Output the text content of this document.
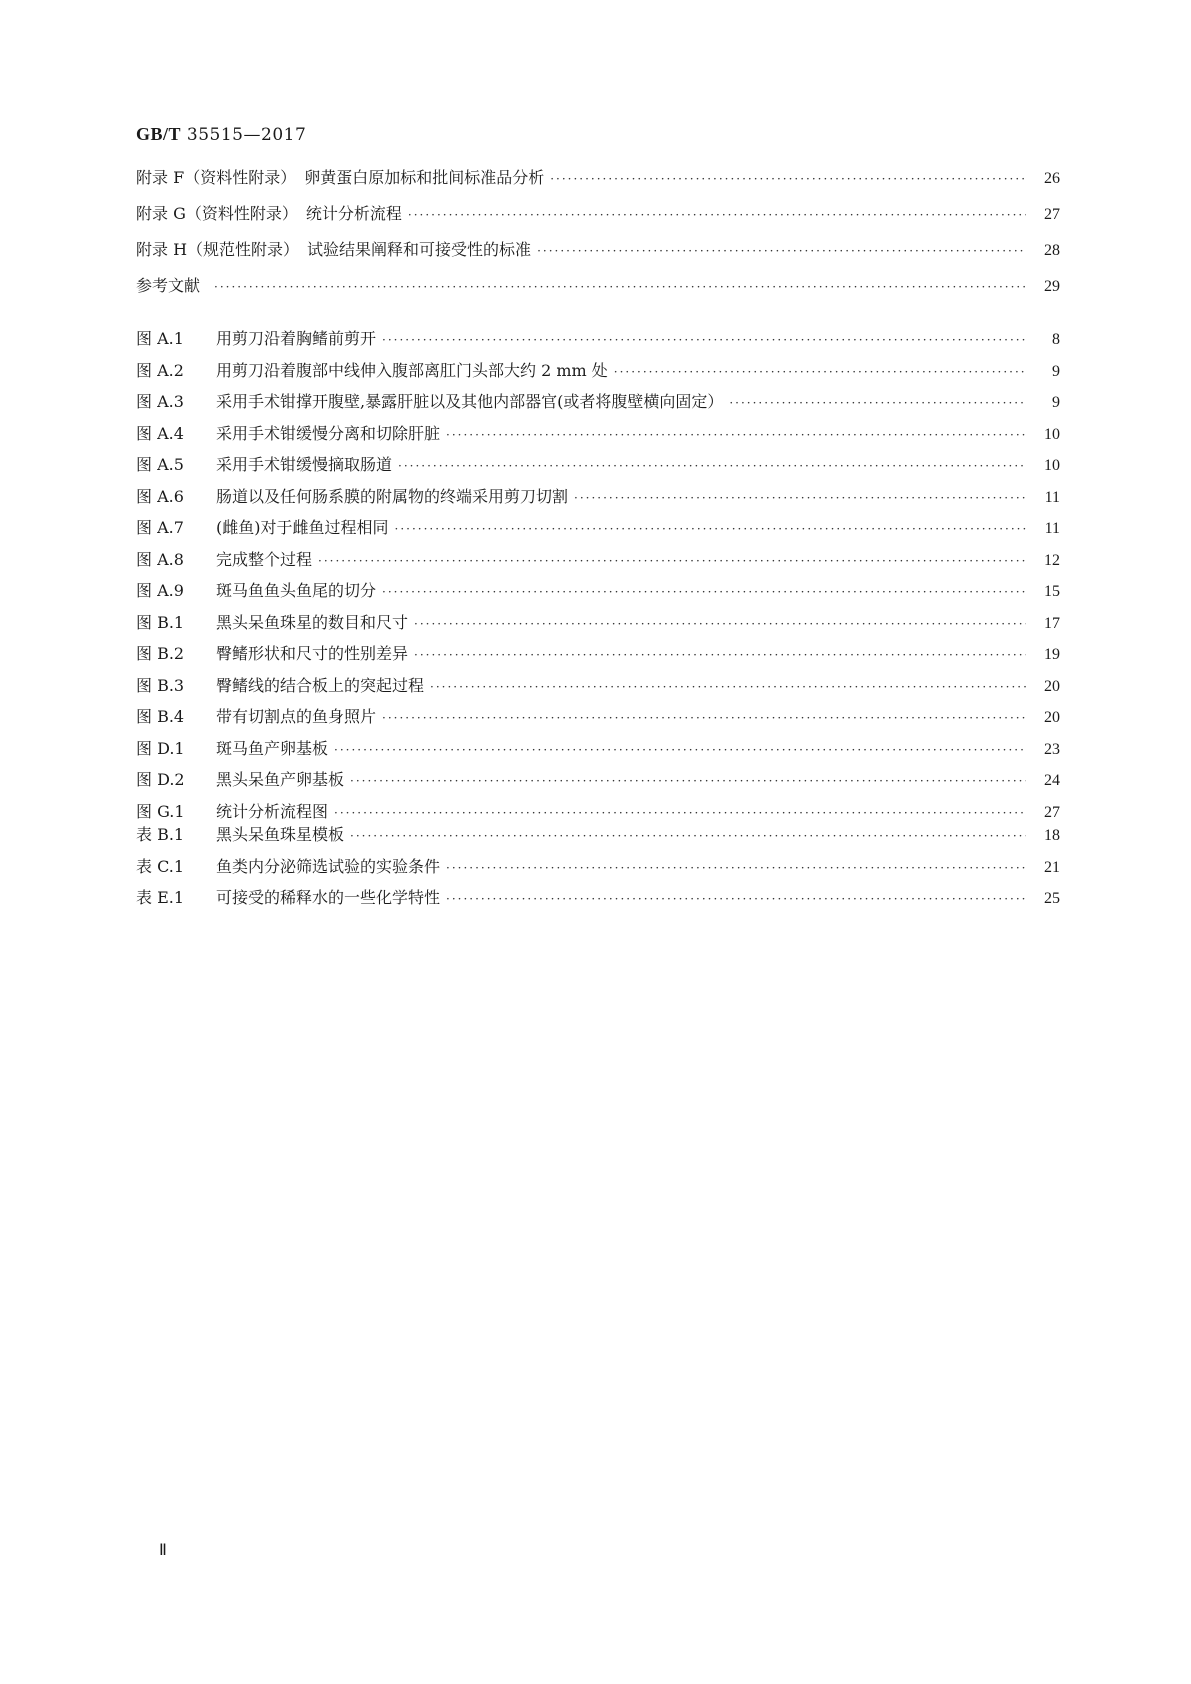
GB/T 35515—2017
附录 F（资料性附录） 卵黄蛋白原加标和批间标准品分析 ·····	26
附录 G（资料性附录） 统计分析流程 ·····	27
附录 H（规范性附录） 试验结果阐释和可接受性的标准 ·····	28
参考文献 ·····	29
图 A.1	用剪刀沿着胸鳍前剪开 ·····	8
图 A.2	用剪刀沿着腹部中线伸入腹部离肛门头部大约 2 mm 处 ·····	9
图 A.3	采用手术钳撑开腹壁,暴露肝脏以及其他内部器官(或者将腹壁横向固定） ·····	9
图 A.4	采用手术钳缓慢分离和切除肝脏 ·····	10
图 A.5	采用手术钳缓慢摘取肠道 ·····	10
图 A.6	肠道以及任何肠系膜的附属物的终端采用剪刀切割 ·····	11
图 A.7	(雌鱼)对于雌鱼过程相同 ·····	11
图 A.8	完成整个过程 ·····	12
图 A.9	斑马鱼鱼头鱼尾的切分 ·····	15
图 B.1	黑头呆鱼珠星的数目和尺寸 ·····	17
图 B.2	臀鳍形状和尺寸的性别差异 ·····	19
图 B.3	臀鳍线的结合板上的突起过程 ·····	20
图 B.4	带有切割点的鱼身照片 ·····	20
图 D.1	斑马鱼产卵基板 ·····	23
图 D.2	黑头呆鱼产卵基板 ·····	24
图 G.1	统计分析流程图 ·····	27
表 B.1	黑头呆鱼珠星模板 ·····	18
表 C.1	鱼类内分泌筛选试验的实验条件 ·····	21
表 E.1	可接受的稀释水的一些化学特性 ·····	25
Ⅱ
